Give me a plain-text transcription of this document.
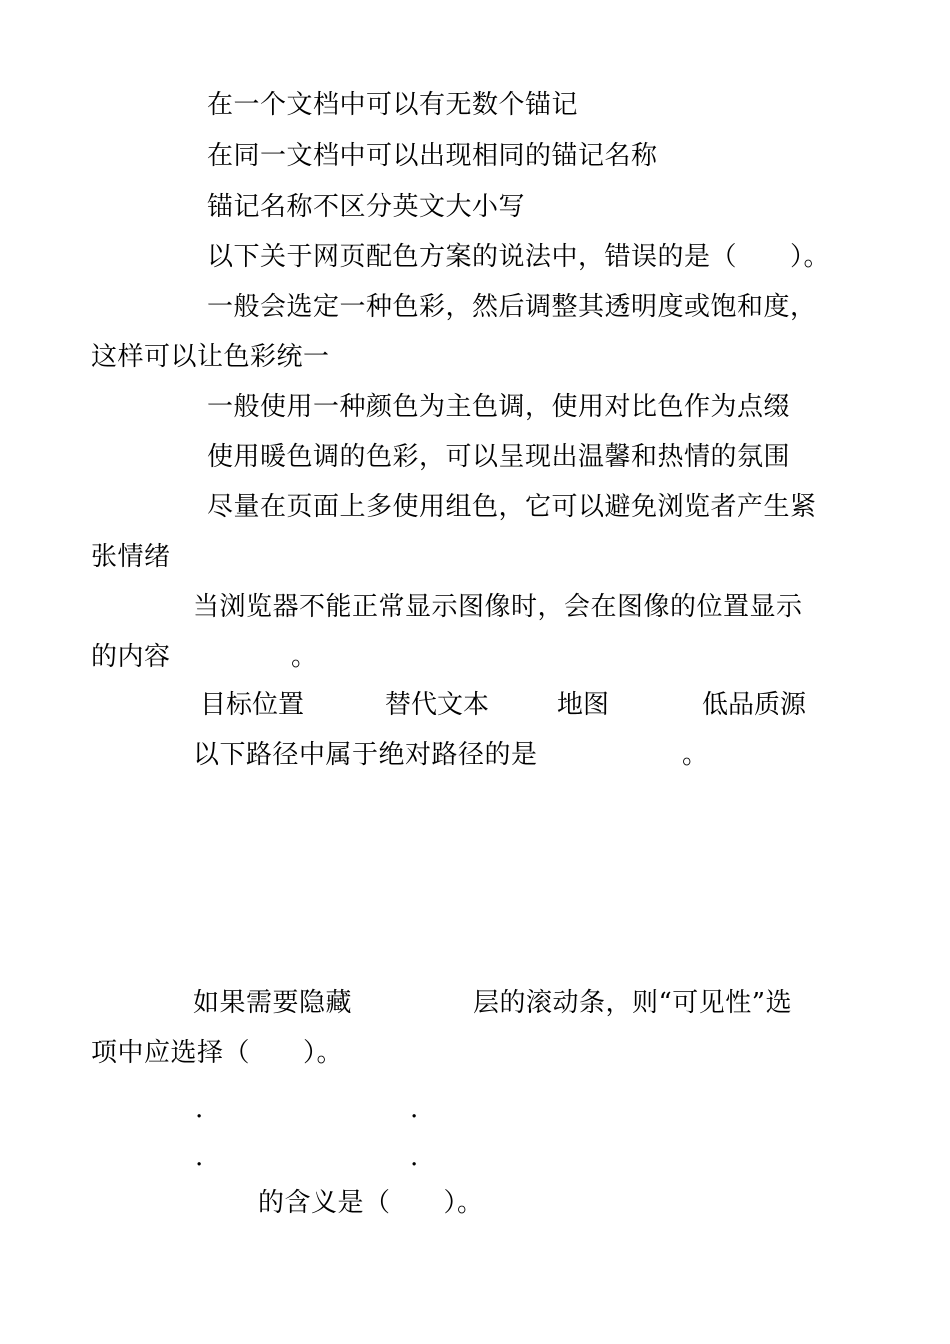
在一个文档中可以有无数个锚记
在同一文档中可以出现相同的锚记名称
锚记名称不区分英文大小写
以下关于网页配色方案的说法中，错误的是（　　）。
一般会选定一种色彩，然后调整其透明度或饱和度，
这样可以让色彩统一
一般使用一种颜色为主色调，使用对比色作为点缀
使用暖色调的色彩，可以呈现出温馨和热情的氛围
尽量在页面上多使用组色，它可以避免浏览者产生紧
张情绪
当浏览器不能正常显示图像时，会在图像的位置显示
的内容	。
目标位置	替代文本	地图	低品质源
以下路径中属于绝对路径的是	。
如果需要隐藏	层的滚动条，则“可见性”选
项中应选择（　　）。
.	.
.	.
的含义是（　　）。
